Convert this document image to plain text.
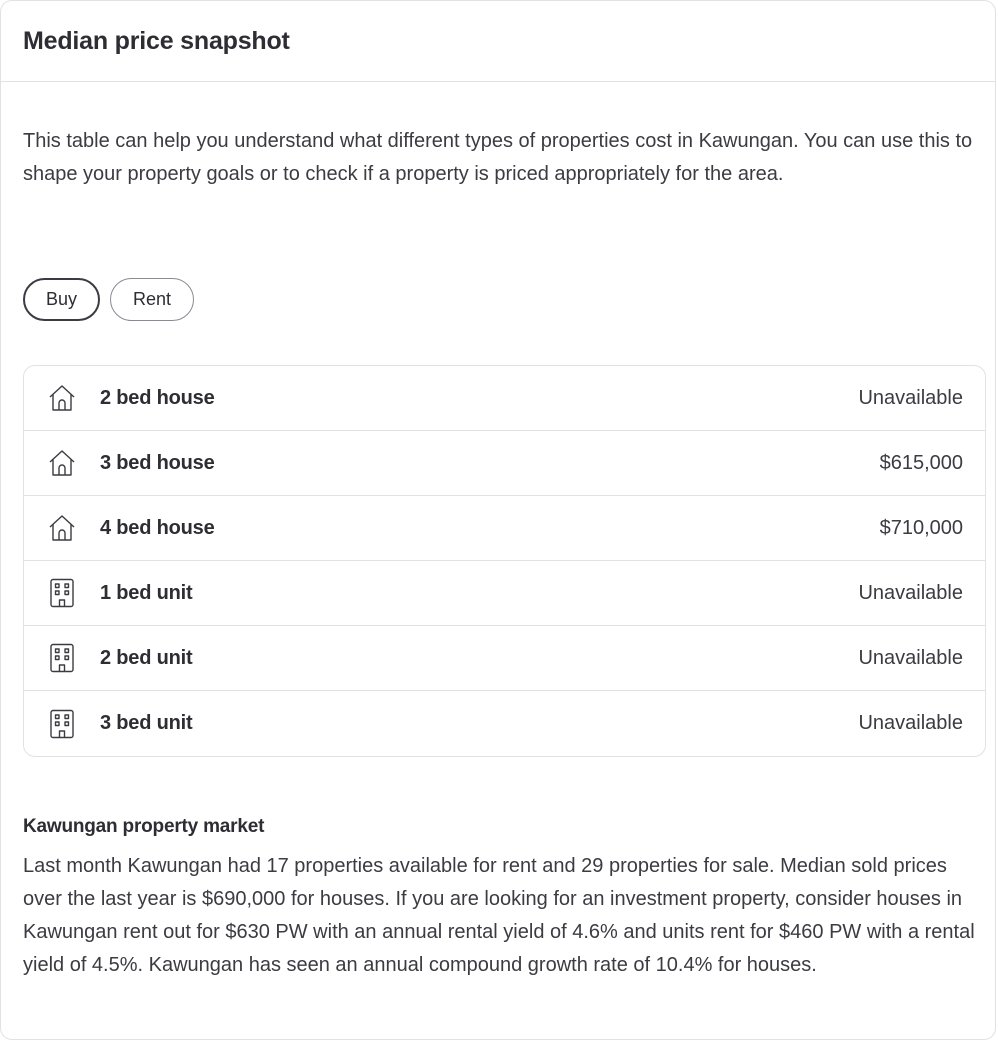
Median price snapshot

This table can help you understand what different types of properties cost in Kawungan. You can use this to shape your property goals or to check if a property is priced appropriately for the area.

Buy	Rent
2 bed house	Unavailable
3 bed house	$615,000
4 bed house	$710,000
1 bed unit	Unavailable
2 bed unit	Unavailable
3 bed unit	Unavailable
Kawungan property market

Last month Kawungan had 17 properties available for rent and 29 properties for sale. Median sold prices over the last year is $690,000 for houses. If you are looking for an investment property, consider houses in Kawungan rent out for $630 PW with an annual rental yield of 4.6% and units rent for $460 PW with a rental yield of 4.5%. Kawungan has seen an annual compound growth rate of 10.4% for houses.
